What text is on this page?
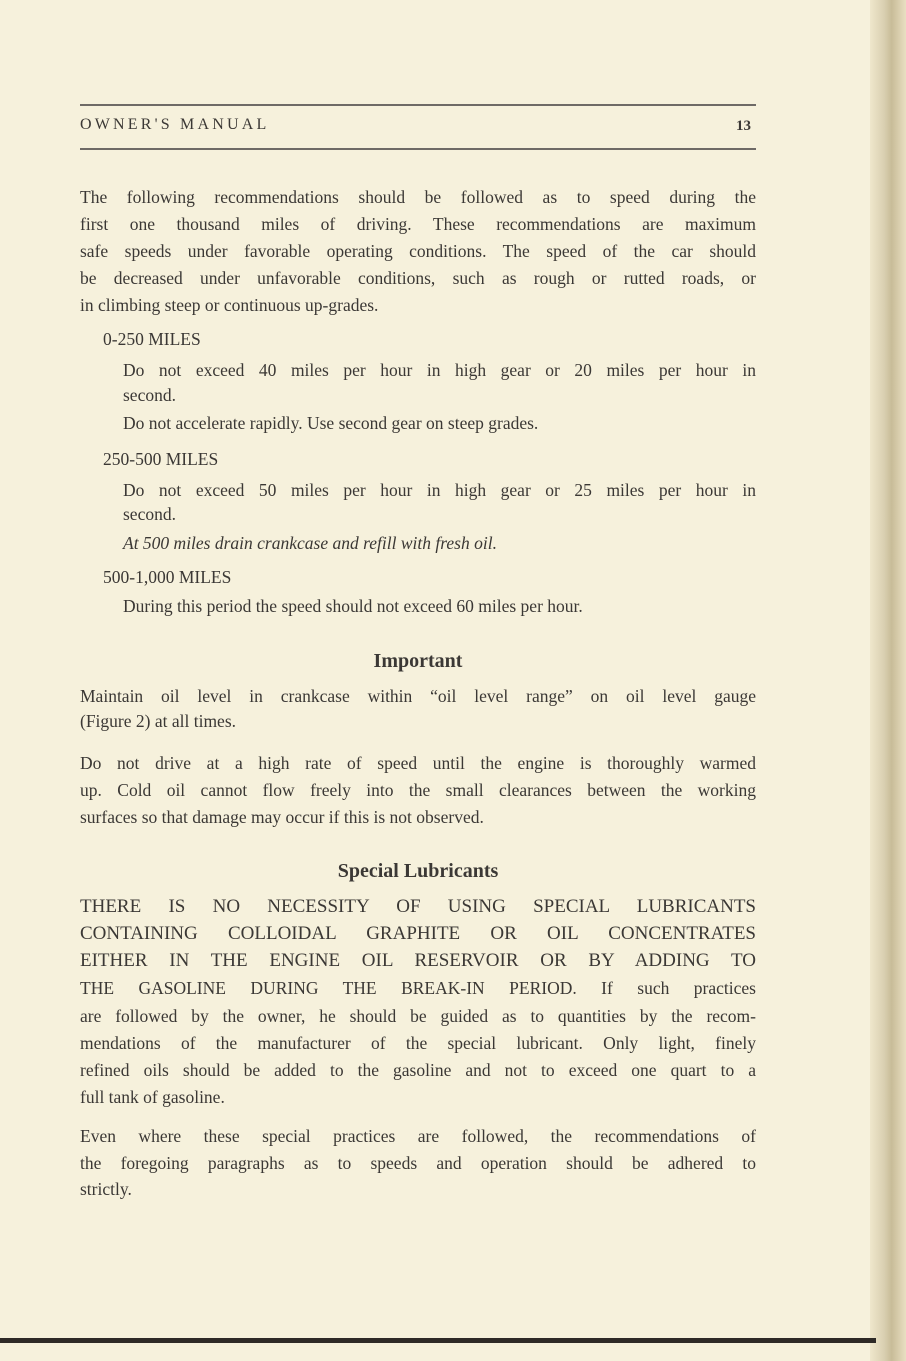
OWNER'S MANUAL	13
The following recommendations should be followed as to speed during the
first one thousand miles of driving. These recommendations are maximum
safe speeds under favorable operating conditions. The speed of the car should
be decreased under unfavorable conditions, such as rough or rutted roads, or
in climbing steep or continuous up-grades.
0-250 MILES
Do not exceed 40 miles per hour in high gear or 20 miles per hour in
second.
Do not accelerate rapidly. Use second gear on steep grades.
250-500 MILES
Do not exceed 50 miles per hour in high gear or 25 miles per hour in
second.
At 500 miles drain crankcase and refill with fresh oil.
500-1,000 MILES
During this period the speed should not exceed 60 miles per hour.
Important
Maintain oil level in crankcase within “oil level range” on oil level gauge
(Figure 2) at all times.
Do not drive at a high rate of speed until the engine is thoroughly warmed
up. Cold oil cannot flow freely into the small clearances between the working
surfaces so that damage may occur if this is not observed.
Special Lubricants
THERE IS NO NECESSITY OF USING SPECIAL LUBRICANTS
CONTAINING COLLOIDAL GRAPHITE OR OIL CONCENTRATES
EITHER IN THE ENGINE OIL RESERVOIR OR BY ADDING TO
THE GASOLINE DURING THE BREAK-IN PERIOD. If such practices
are followed by the owner, he should be guided as to quantities by the recom-
mendations of the manufacturer of the special lubricant. Only light, finely
refined oils should be added to the gasoline and not to exceed one quart to a
full tank of gasoline.
Even where these special practices are followed, the recommendations of
the foregoing paragraphs as to speeds and operation should be adhered to
strictly.
